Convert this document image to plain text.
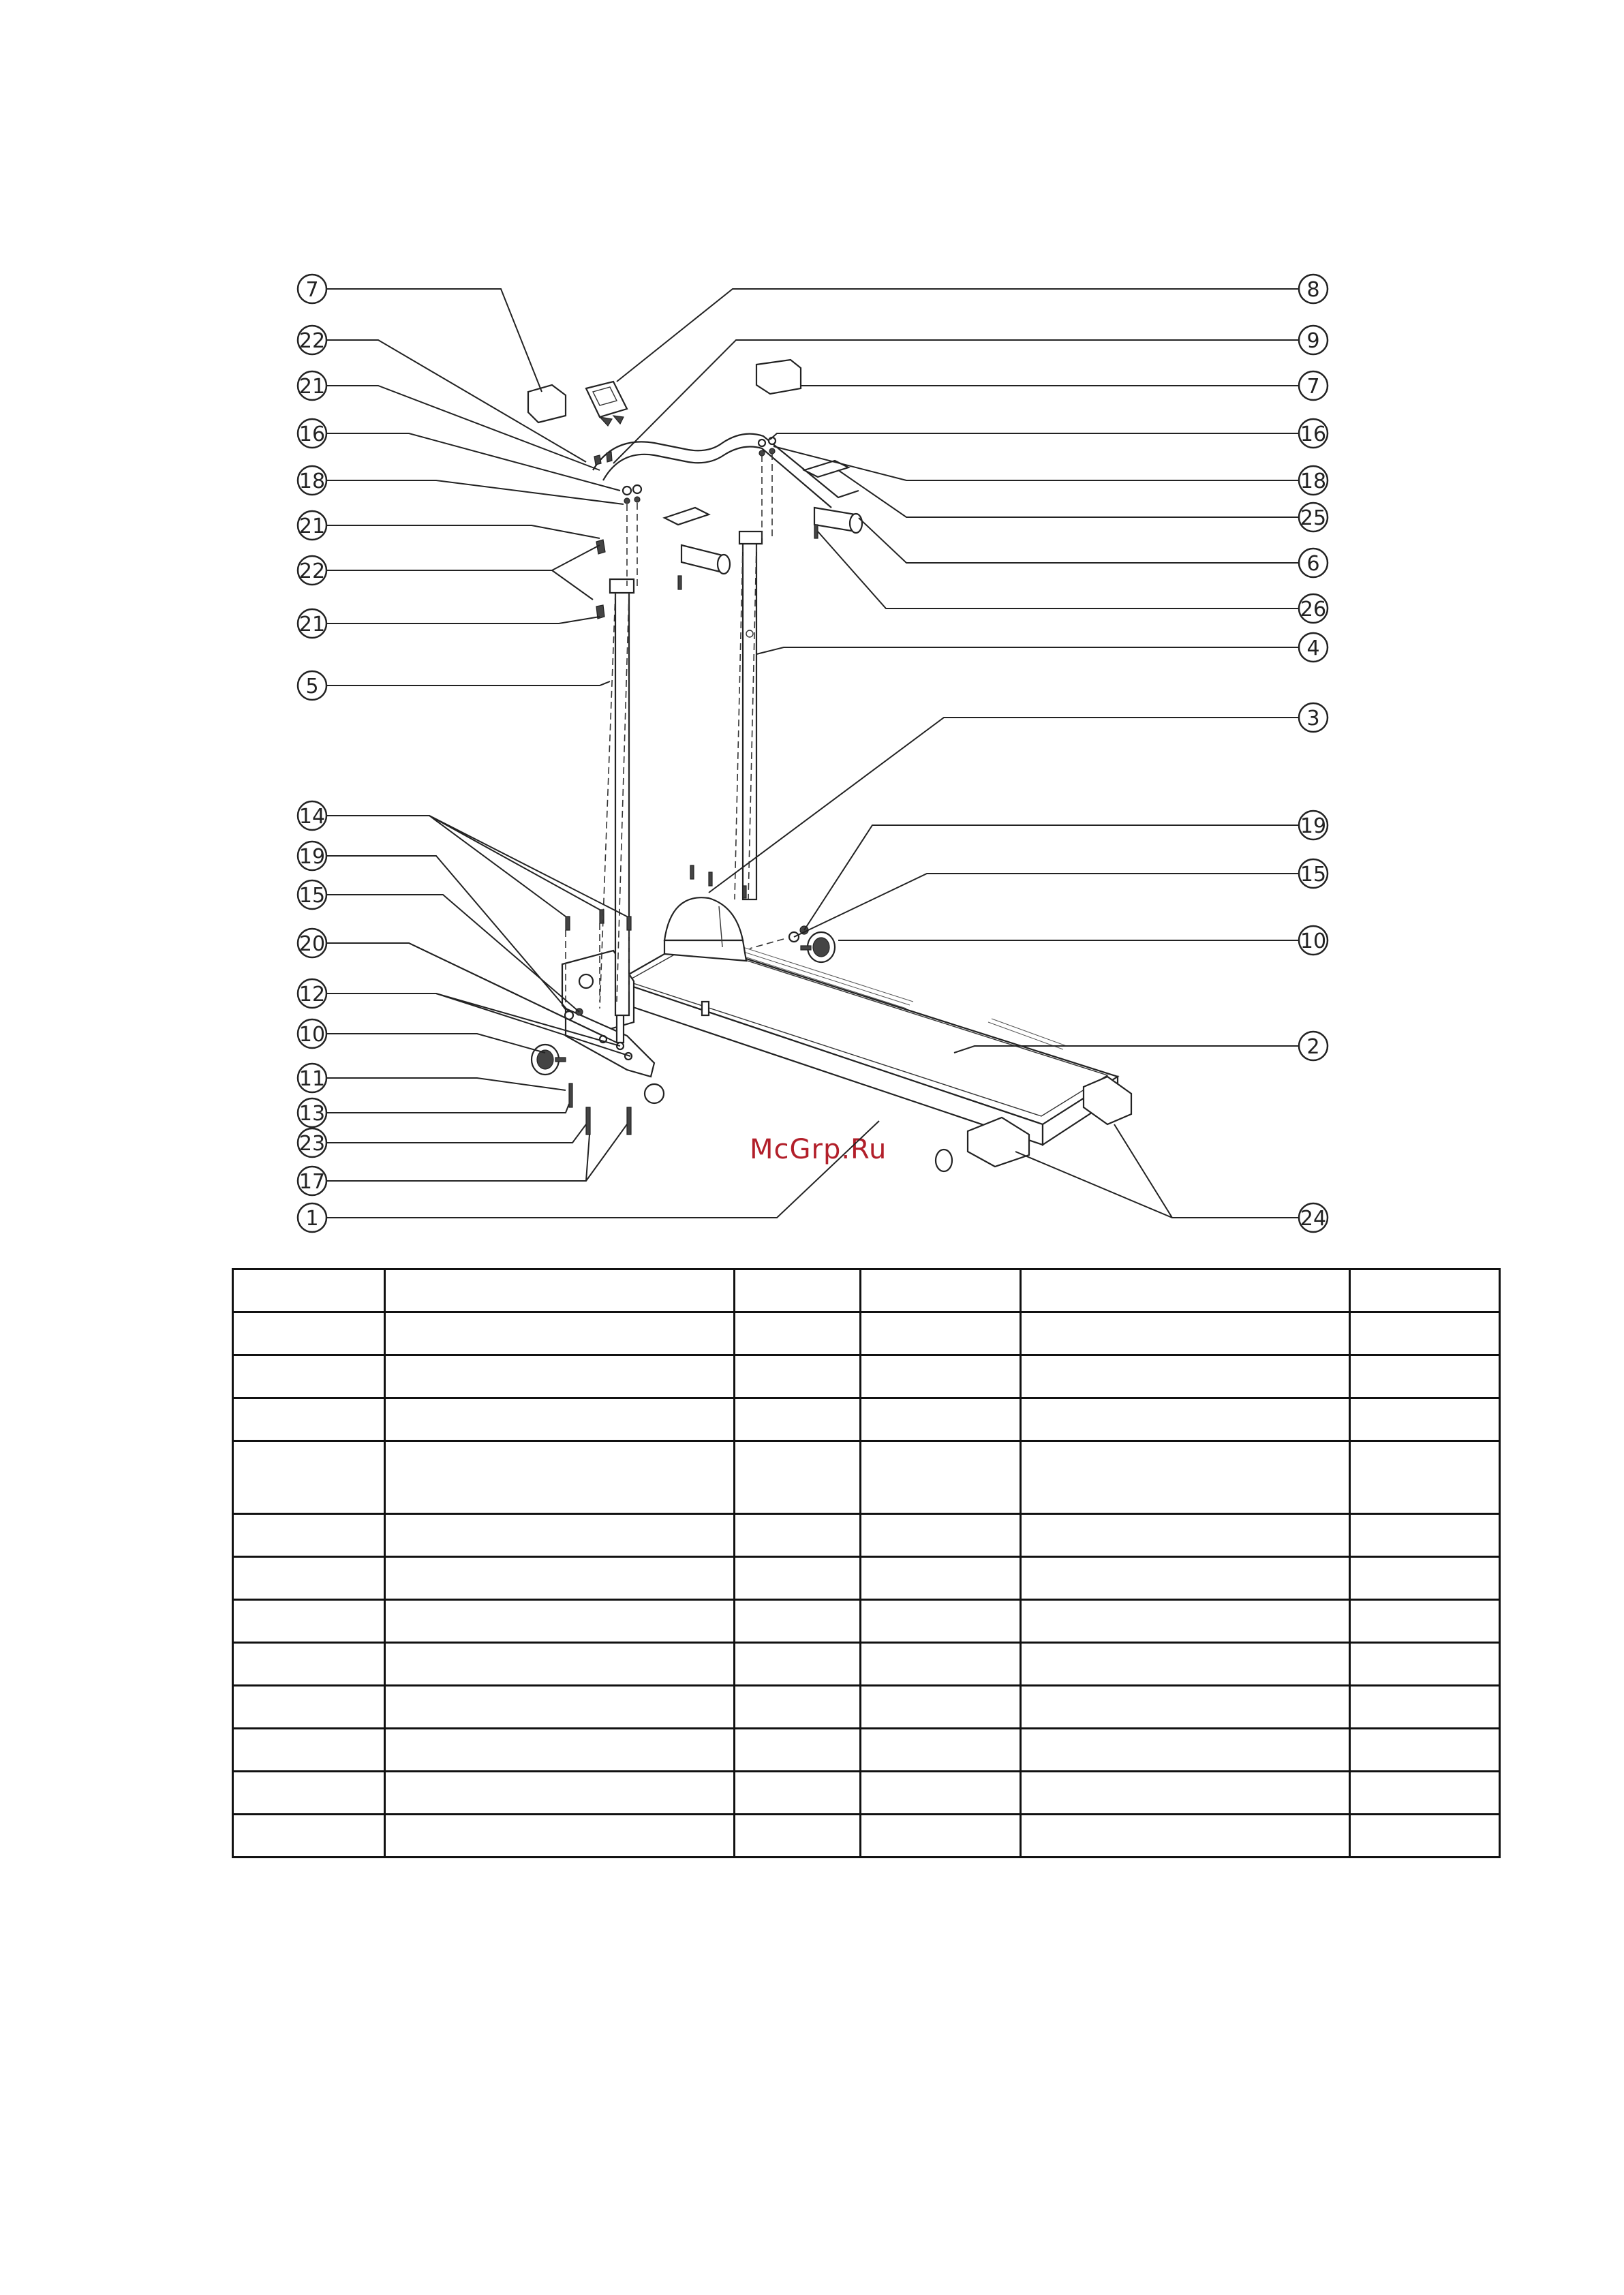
McGrp.Ru
7
22
21
16
18
21
22
21
5
14
19
15
20
12
10
11
13
23
17
1
8
9
7
16
18
25
6
26
4
3
19
15
10
2
24
